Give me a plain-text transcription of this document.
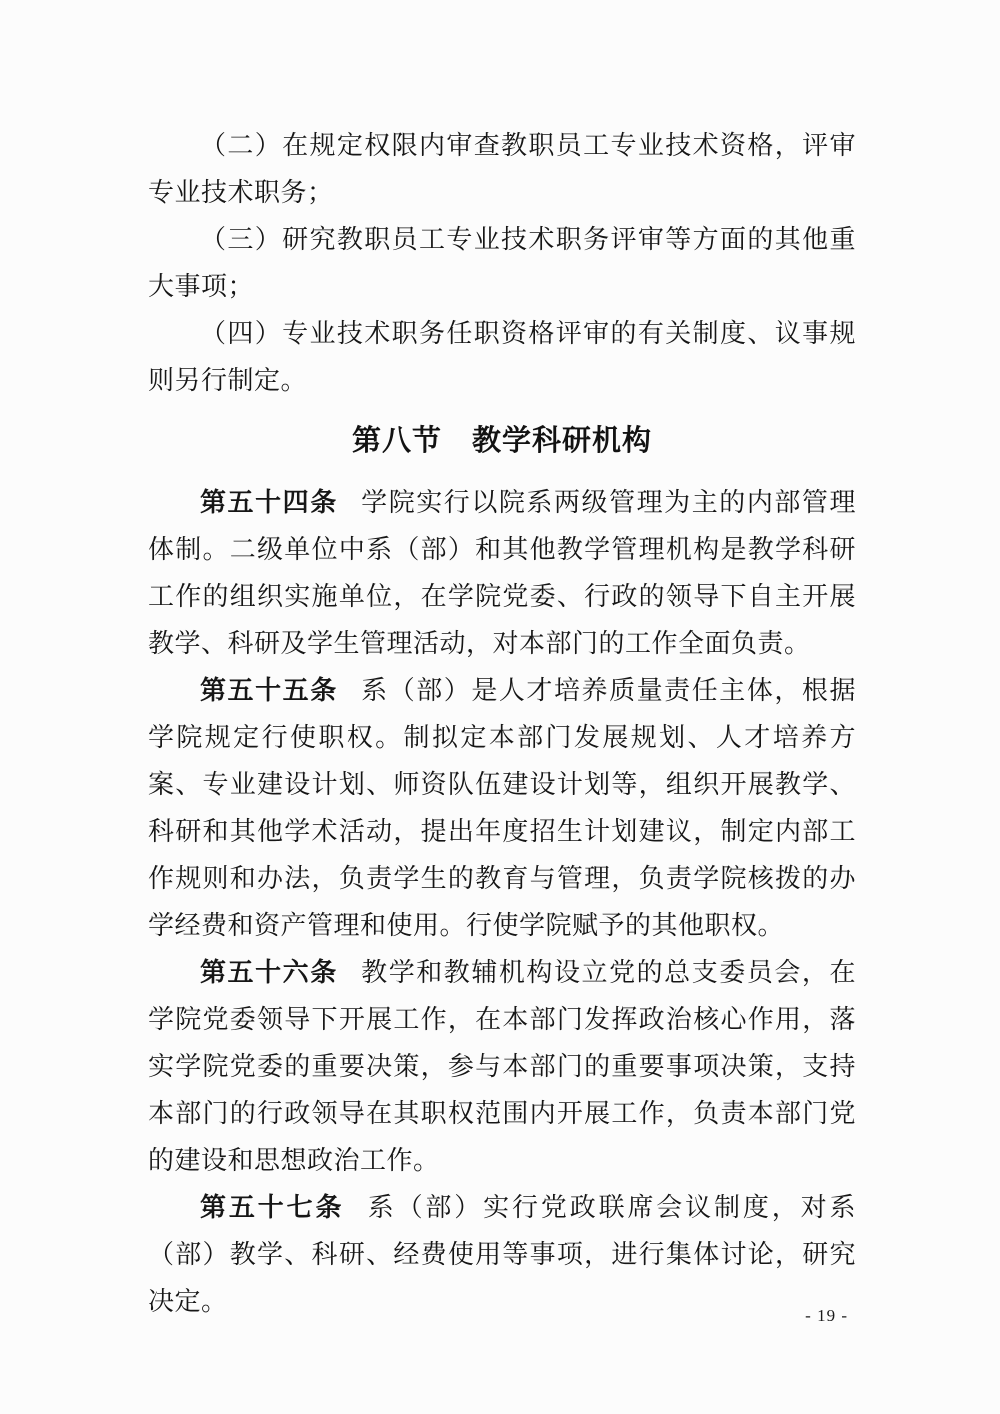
（二）在规定权限内审查教职员工专业技术资格，评审专业技术职务；

（三）研究教职员工专业技术职务评审等方面的其他重大事项；

（四）专业技术职务任职资格评审的有关制度、议事规则另行制定。

第八节　教学科研机构

第五十四条 学院实行以院系两级管理为主的内部管理体制。二级单位中系（部）和其他教学管理机构是教学科研工作的组织实施单位，在学院党委、行政的领导下自主开展教学、科研及学生管理活动，对本部门的工作全面负责。

第五十五条 系（部）是人才培养质量责任主体，根据学院规定行使职权。制拟定本部门发展规划、人才培养方案、专业建设计划、师资队伍建设计划等，组织开展教学、科研和其他学术活动，提出年度招生计划建议，制定内部工作规则和办法，负责学生的教育与管理，负责学院核拨的办学经费和资产管理和使用。行使学院赋予的其他职权。

第五十六条 教学和教辅机构设立党的总支委员会，在学院党委领导下开展工作，在本部门发挥政治核心作用，落实学院党委的重要决策，参与本部门的重要事项决策，支持本部门的行政领导在其职权范围内开展工作，负责本部门党的建设和思想政治工作。

第五十七条 系（部）实行党政联席会议制度，对系（部）教学、科研、经费使用等事项，进行集体讨论，研究决定。	- 19 -
